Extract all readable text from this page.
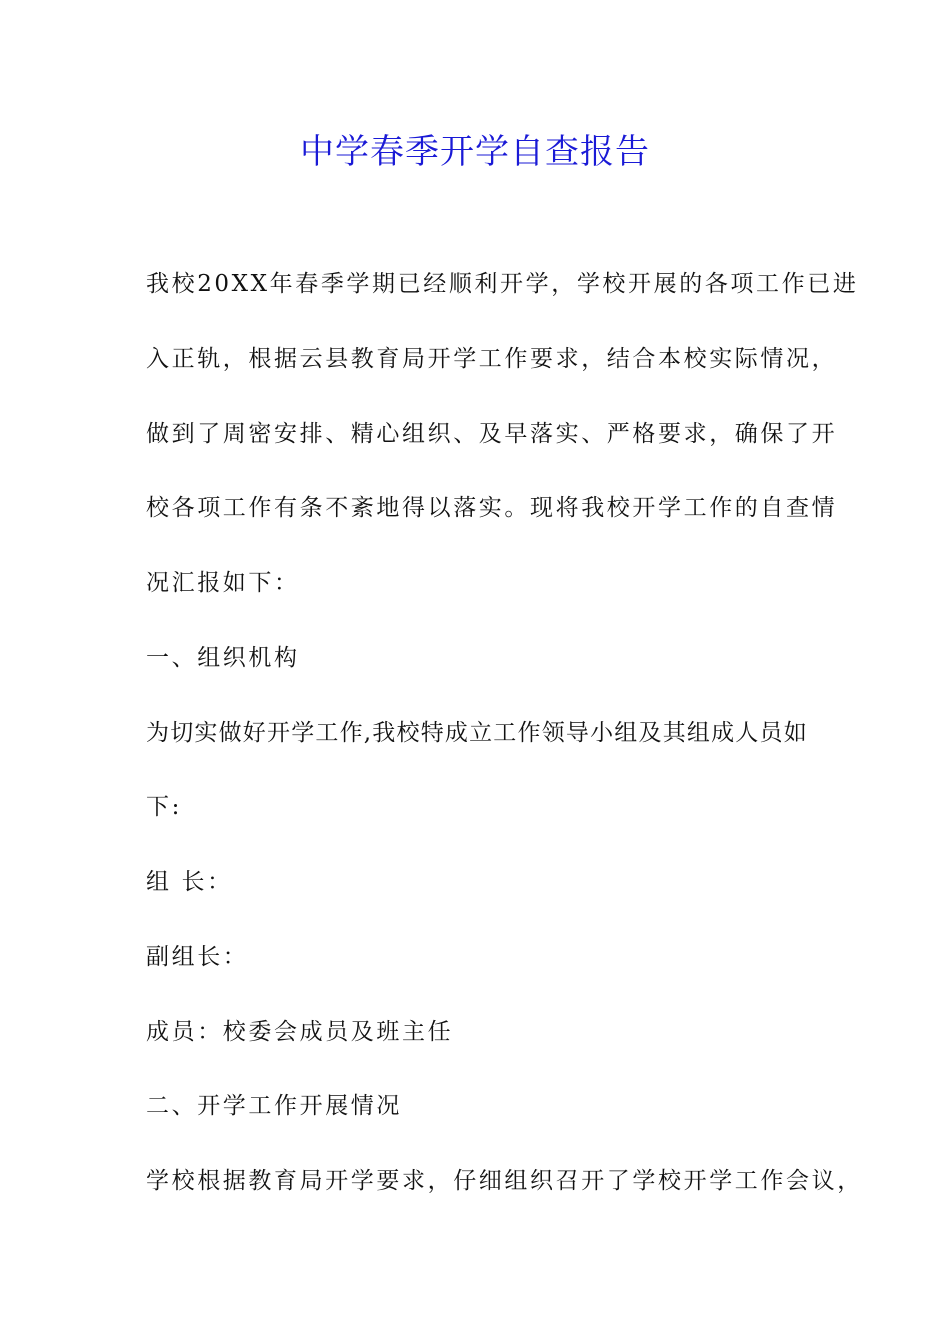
中学春季开学自查报告
我校20XX年春季学期已经顺利开学，学校开展的各项工作已进
入正轨，根据云县教育局开学工作要求，结合本校实际情况，
做到了周密安排、精心组织、及早落实、严格要求，确保了开
校各项工作有条不紊地得以落实。现将我校开学工作的自查情
况汇报如下：
一、组织机构
为切实做好开学工作,我校特成立工作领导小组及其组成人员如
下:
组 长：
副组长：
成员：校委会成员及班主任
二、开学工作开展情况
学校根据教育局开学要求，仔细组织召开了学校开学工作会议，
